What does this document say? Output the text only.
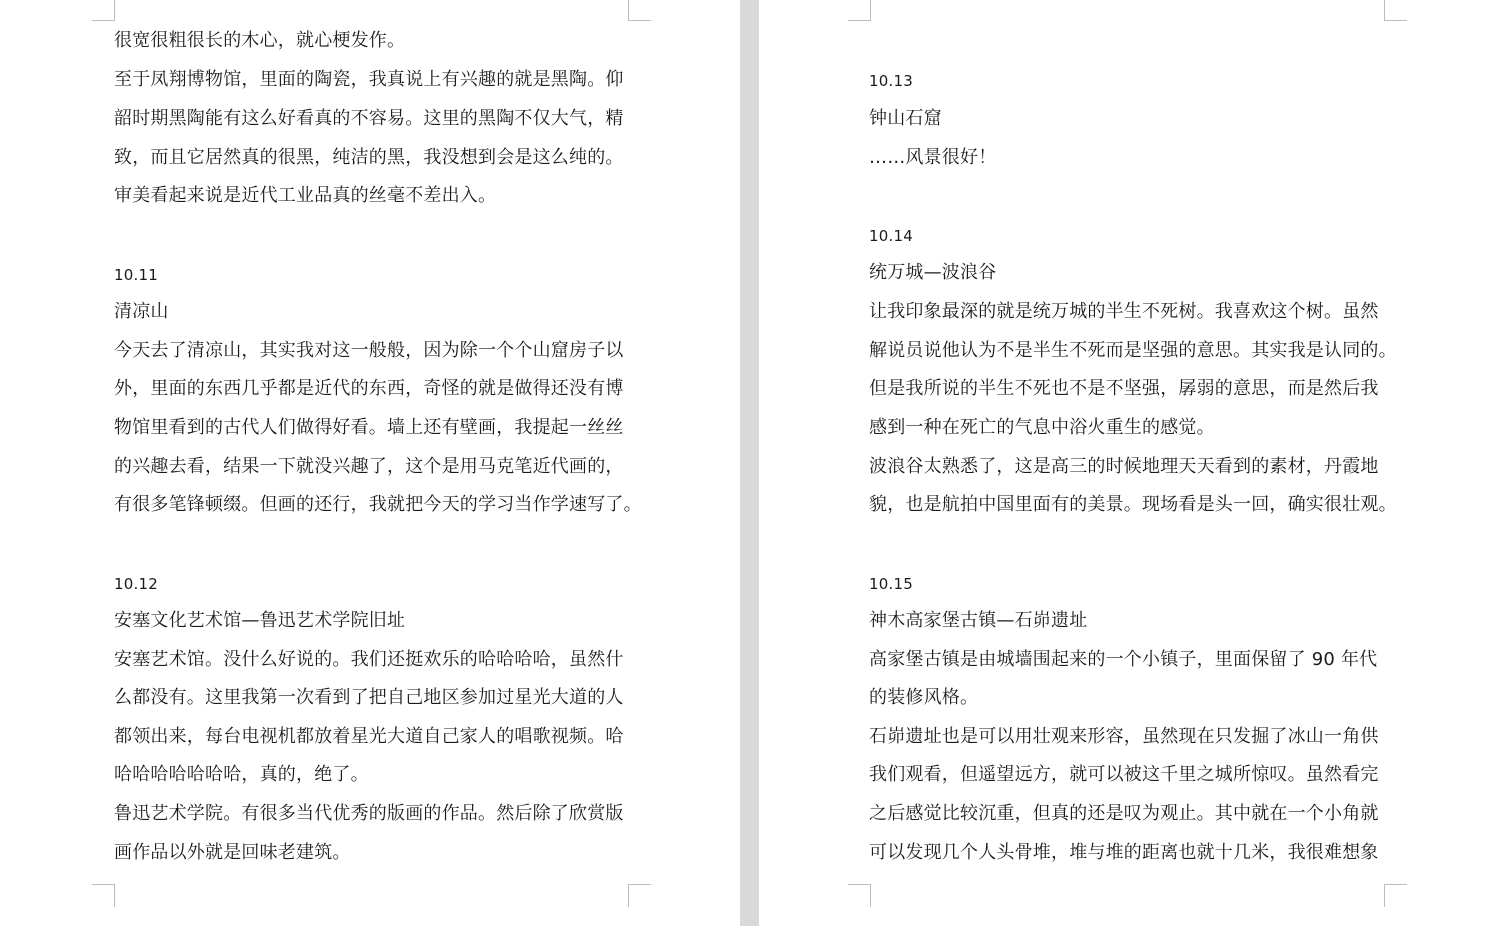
很宽很粗很长的木心，就心梗发作。
至于凤翔博物馆，里面的陶瓷，我真说上有兴趣的就是黑陶。仰
韶时期黑陶能有这么好看真的不容易。这里的黑陶不仅大气，精
致，而且它居然真的很黑，纯洁的黑，我没想到会是这么纯的。
审美看起来说是近代工业品真的丝毫不差出入。
10.11
清凉山
今天去了清凉山，其实我对这一般般，因为除一个个山窟房子以
外，里面的东西几乎都是近代的东西，奇怪的就是做得还没有博
物馆里看到的古代人们做得好看。墙上还有壁画，我提起一丝丝
的兴趣去看，结果一下就没兴趣了，这个是用马克笔近代画的，
有很多笔锋顿缀。但画的还行，我就把今天的学习当作学速写了。
10.12
安塞文化艺术馆—鲁迅艺术学院旧址
安塞艺术馆。没什么好说的。我们还挺欢乐的哈哈哈哈，虽然什
么都没有。这里我第一次看到了把自己地区参加过星光大道的人
都领出来，每台电视机都放着星光大道自己家人的唱歌视频。哈
哈哈哈哈哈哈哈，真的，绝了。
鲁迅艺术学院。有很多当代优秀的版画的作品。然后除了欣赏版
画作品以外就是回味老建筑。
10.13
钟山石窟
……风景很好！
10.14
统万城—波浪谷
让我印象最深的就是统万城的半生不死树。我喜欢这个树。虽然
解说员说他认为不是半生不死而是坚强的意思。其实我是认同的。
但是我所说的半生不死也不是不坚强，孱弱的意思，而是然后我
感到一种在死亡的气息中浴火重生的感觉。
波浪谷太熟悉了，这是高三的时候地理天天看到的素材，丹霞地
貌，也是航拍中国里面有的美景。现场看是头一回，确实很壮观。
10.15
神木高家堡古镇—石峁遗址
高家堡古镇是由城墙围起来的一个小镇子，里面保留了 90 年代
的装修风格。
石峁遗址也是可以用壮观来形容，虽然现在只发掘了冰山一角供
我们观看，但遥望远方，就可以被这千里之城所惊叹。虽然看完
之后感觉比较沉重，但真的还是叹为观止。其中就在一个小角就
可以发现几个人头骨堆，堆与堆的距离也就十几米，我很难想象
